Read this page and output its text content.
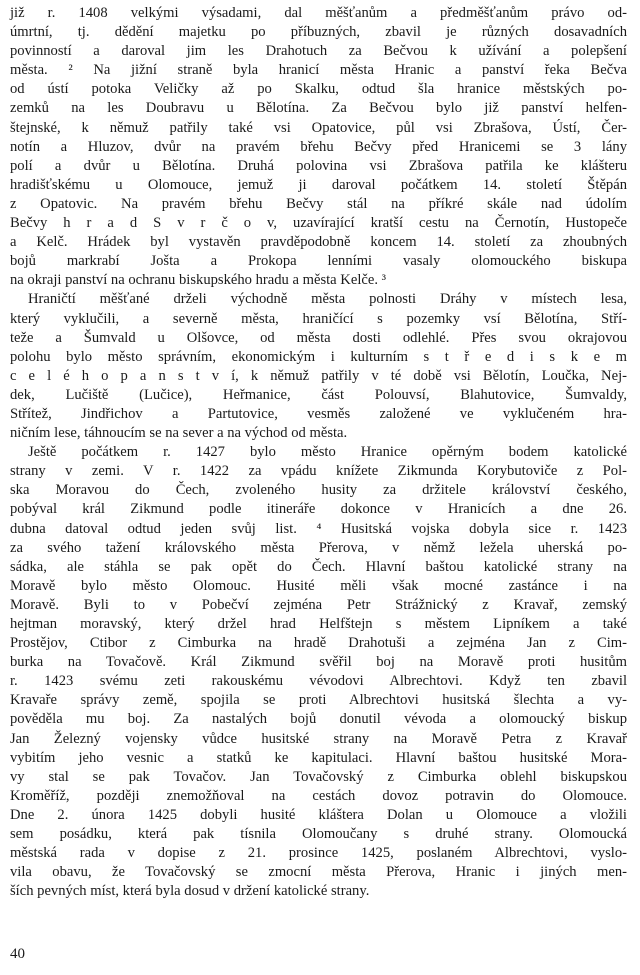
již r. 1408 velkými výsadami, dal měšťanům a předměšťanům právo od-
úmrtní, tj. dědění majetku po příbuzných, zbavil je různých dosavadních
povinností a daroval jim les Drahotuch za Bečvou k užívání a polepšení
města. ² Na jižní straně byla hranicí města Hranic a panství řeka Bečva
od ústí potoka Veličky až po Skalku, odtud šla hranice městských po-
zemků na les Doubravu u Bělotína. Za Bečvou bylo již panství helfen-
štejnské, k němuž patřily také vsi Opatovice, půl vsi Zbrašova, Ústí, Čer-
notín a Hluzov, dvůr na pravém břehu Bečvy před Hranicemi se 3 lány
polí a dvůr u Bělotína. Druhá polovina vsi Zbrašova patřila ke klášteru
hradišťskému u Olomouce, jemuž ji daroval počátkem 14. století Štěpán
z Opatovic. Na pravém břehu Bečvy stál na příkré skále nad údolím
Bečvy h r a d S v r č o v, uzavírající kratší cestu na Černotín, Hustopeče
a Kelč. Hrádek byl vystavěn pravděpodobně koncem 14. století za zhoubných
bojů markrabí Jošta a Prokopa lenními vasaly olomouckého biskupa
na okraji panství na ochranu biskupského hradu a města Kelče. ³
Hraničtí měšťané drželi východně města polnosti Dráhy v místech lesa,
který vyklučili, a severně města, hraničící s pozemky vsí Bělotína, Stří-
teže a Šumvald u Olšovce, od města dosti odlehlé. Přes svou okrajovou
polohu bylo město správním, ekonomickým i kulturním s t ř e d i s k e m
c e l é h o p a n s t v í, k němuž patřily v té době vsi Bělotín, Loučka, Nej-
dek, Lučiště (Lučice), Heřmanice, část Polouvsí, Blahutovice, Šumvaldy,
Střítež, Jindřichov a Partutovice, vesměs založené ve vyklučeném hra-
ničním lese, táhnoucím se na sever a na východ od města.
Ještě počátkem r. 1427 bylo město Hranice opěrným bodem katolické
strany v zemi. V r. 1422 za vpádu knížete Zikmunda Korybutoviče z Pol-
ska Moravou do Čech, zvoleného husity za držitele království českého,
pobýval král Zikmund podle itineráře dokonce v Hranicích a dne 26.
dubna datoval odtud jeden svůj list. ⁴ Husitská vojska dobyla sice r. 1423
za svého tažení královského města Přerova, v němž ležela uherská po-
sádka, ale stáhla se pak opět do Čech. Hlavní baštou katolické strany na
Moravě bylo město Olomouc. Husité měli však mocné zastánce i na
Moravě. Byli to v Pobečví zejména Petr Strážnický z Kravař, zemský
hejtman moravský, který držel hrad Helfštejn s městem Lipníkem a také
Prostějov, Ctibor z Cimburka na hradě Drahotuši a zejména Jan z Cim-
burka na Tovačově. Král Zikmund svěřil boj na Moravě proti husitům
r. 1423 svému zeti rakouskému vévodovi Albrechtovi. Když ten zbavil
Kravaře správy země, spojila se proti Albrechtovi husitská šlechta a vy-
pověděla mu boj. Za nastalých bojů donutil vévoda a olomoucký biskup
Jan Železný vojensky vůdce husitské strany na Moravě Petra z Kravař
vybitím jeho vesnic a statků ke kapitulaci. Hlavní baštou husitské Mora-
vy stal se pak Tovačov. Jan Tovačovský z Cimburka oblehl biskupskou
Kroměříž, později znemožňoval na cestách dovoz potravin do Olomouce.
Dne 2. února 1425 dobyli husité kláštera Dolan u Olomouce a vložili
sem posádku, která pak tísnila Olomoučany s druhé strany. Olomoucká
městská rada v dopise z 21. prosince 1425, poslaném Albrechtovi, vyslo-
vila obavu, že Tovačovský se zmocní města Přerova, Hranic i jiných men-
ších pevných míst, která byla dosud v držení katolické strany.
40
